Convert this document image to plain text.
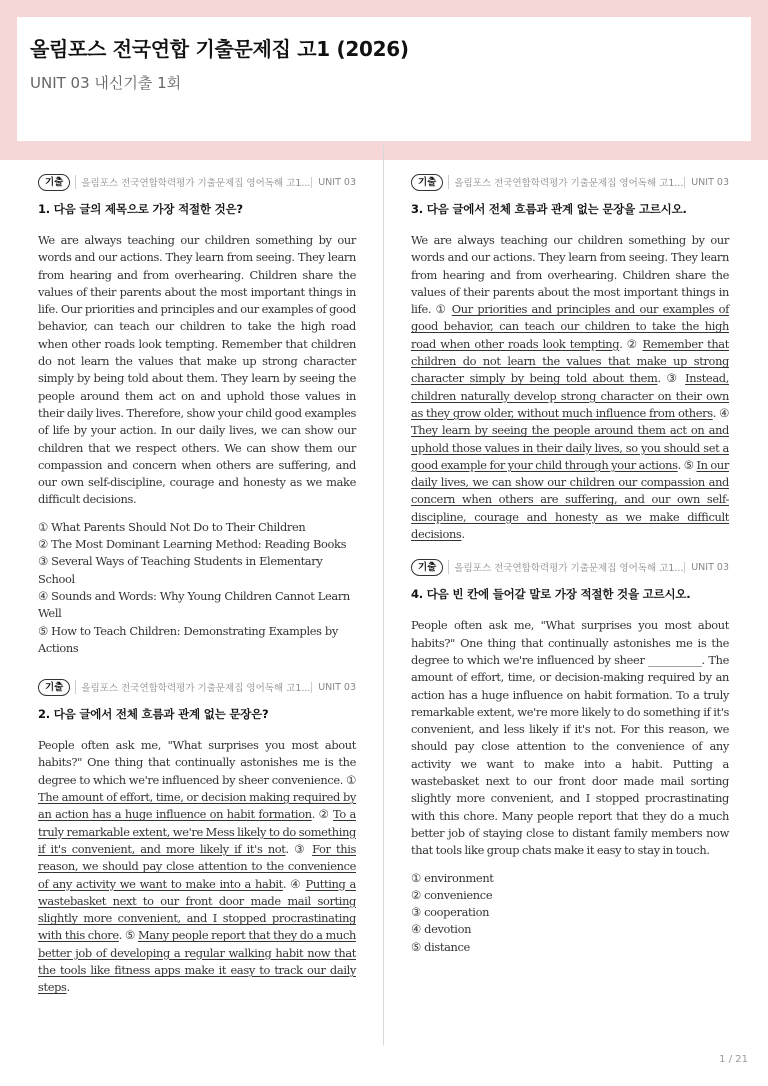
올림포스 전국연합 기출문제집 고1 (2026)
UNIT 03 내신기출 1회
기출	올림포스 전국연합학력평가 기출문제집 영어독해 고1... UNIT 03
1. 다음 글의 제목으로 가장 적절한 것은?

We are always teaching our children something by our words and our actions. They learn from seeing. They learn from hearing and from overhearing. Children share the values of their parents about the most important things in life. Our priorities and principles and our examples of good behavior, can teach our children to take the high road when other roads look tempting. Remember that children do not learn the values that make up strong character simply by being told about them. They learn by seeing the people around them act on and uphold those values in their daily lives. Therefore, show your child good examples of life by your action. In our daily lives, we can show our children that we respect others. We can show them our compassion and concern when others are suffering, and our own self-discipline, courage and honesty as we make difficult decisions.

① What Parents Should Not Do to Their Children
② The Most Dominant Learning Method: Reading Books
③ Several Ways of Teaching Students in Elementary School
④ Sounds and Words: Why Young Children Cannot Learn Well
⑤ How to Teach Children: Demonstrating Examples by Actions
기출	올림포스 전국연합학력평가 기출문제집 영어독해 고1... UNIT 03
2. 다음 글에서 전체 흐름과 관계 없는 문장은?

People often ask me, "What surprises you most about habits?" One thing that continually astonishes me is the degree to which we're influenced by sheer convenience. ① The amount of effort, time, or decision making required by an action has a huge influence on habit formation. ② To a truly remarkable extent, we're Mess likely to do something if it's convenient, and more likely if it's not. ③ For this reason, we should pay close attention to the convenience of any activity we want to make into a habit. ④ Putting a wastebasket next to our front door made mail sorting slightly more convenient, and I stopped procrastinating with this chore. ⑤ Many people report that they do a much better job of developing a regular walking habit now that the tools like fitness apps make it easy to track our daily steps.

기출	올림포스 전국연합학력평가 기출문제집 영어독해 고1... UNIT 03
3. 다음 글에서 전체 흐름과 관계 없는 문장을 고르시오.

We are always teaching our children something by our words and our actions. They learn from seeing. They learn from hearing and from overhearing. Children share the values of their parents about the most important things in life. ① Our priorities and principles and our examples of good behavior, can teach our children to take the high road when other roads look tempting. ② Remember that children do not learn the values that make up strong character simply by being told about them. ③ Instead, children naturally develop strong character on their own as they grow older, without much influence from others. ④ They learn by seeing the people around them act on and uphold those values in their daily lives, so you should set a good example for your child through your actions. ⑤ In our daily lives, we can show our children our compassion and concern when others are suffering, and our own self-discipline, courage and honesty as we make difficult decisions.

기출	올림포스 전국연합학력평가 기출문제집 영어독해 고1... UNIT 03
4. 다음 빈 칸에 들어갈 말로 가장 적절한 것을 고르시오.

People often ask me, "What surprises you most about habits?" One thing that continually astonishes me is the degree to which we're influenced by sheer __________. The amount of effort, time, or decision-making required by an action has a huge influence on habit formation. To a truly remarkable extent, we're more likely to do something if it's convenient, and less likely if it's not. For this reason, we should pay close attention to the convenience of any activity we want to make into a habit. Putting a wastebasket next to our front door made mail sorting slightly more convenient, and I stopped procrastinating with this chore. Many people report that they do a much better job of staying close to distant family members now that tools like group chats make it easy to stay in touch.

① environment
② convenience
③ cooperation
④ devotion
⑤ distance
1 / 21
